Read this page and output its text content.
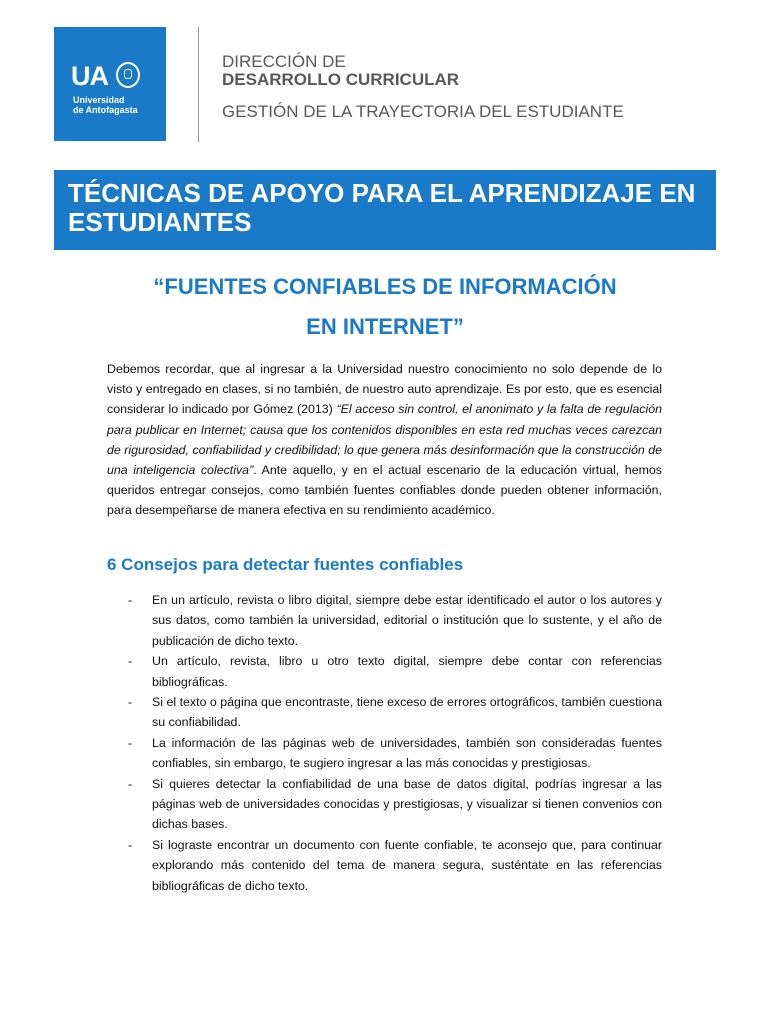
UA
Universidad
de Antofagasta
DIRECCIÓN DE
DESARROLLO CURRICULAR
GESTIÓN DE LA TRAYECTORIA DEL ESTUDIANTE
TÉCNICAS DE APOYO PARA EL APRENDIZAJE EN ESTUDIANTES
“FUENTES CONFIABLES DE INFORMACIÓN
EN INTERNET”

Debemos recordar, que al ingresar a la Universidad nuestro conocimiento no solo depende de lo visto y entregado en clases, si no también, de nuestro auto aprendizaje. Es por esto, que es esencial considerar lo indicado por Gómez (2013) “El acceso sin control, el anonimato y la falta de regulación para publicar en Internet; causa que los contenidos disponibles en esta red muchas veces carezcan de rigurosidad, confiabilidad y credibilidad; lo que genera más desinformación que la construcción de una inteligencia colectiva”. Ante aquello, y en el actual escenario de la educación virtual, hemos queridos entregar consejos, como también fuentes confiables donde pueden obtener información, para desempeñarse de manera efectiva en su rendimiento académico.

6 Consejos para detectar fuentes confiables
- En un artículo, revista o libro digital, siempre debe estar identificado el autor o los autores y sus datos, como también la universidad, editorial o institución que lo sustente, y el año de publicación de dicho texto.
- Un artículo, revista, libro u otro texto digital, siempre debe contar con referencias bibliográficas.
- Si el texto o página que encontraste, tiene exceso de errores ortográficos, también cuestiona su confiabilidad.
- La información de las páginas web de universidades, también son consideradas fuentes confiables, sin embargo, te sugiero ingresar a las más conocidas y prestigiosas.
- Si quieres detectar la confiabilidad de una base de datos digital, podrías ingresar a las páginas web de universidades conocidas y prestigiosas, y visualizar si tienen convenios con dichas bases.
- Si lograste encontrar un documento con fuente confiable, te aconsejo que, para continuar explorando más contenido del tema de manera segura, susténtate en las referencias bibliográficas de dicho texto.
